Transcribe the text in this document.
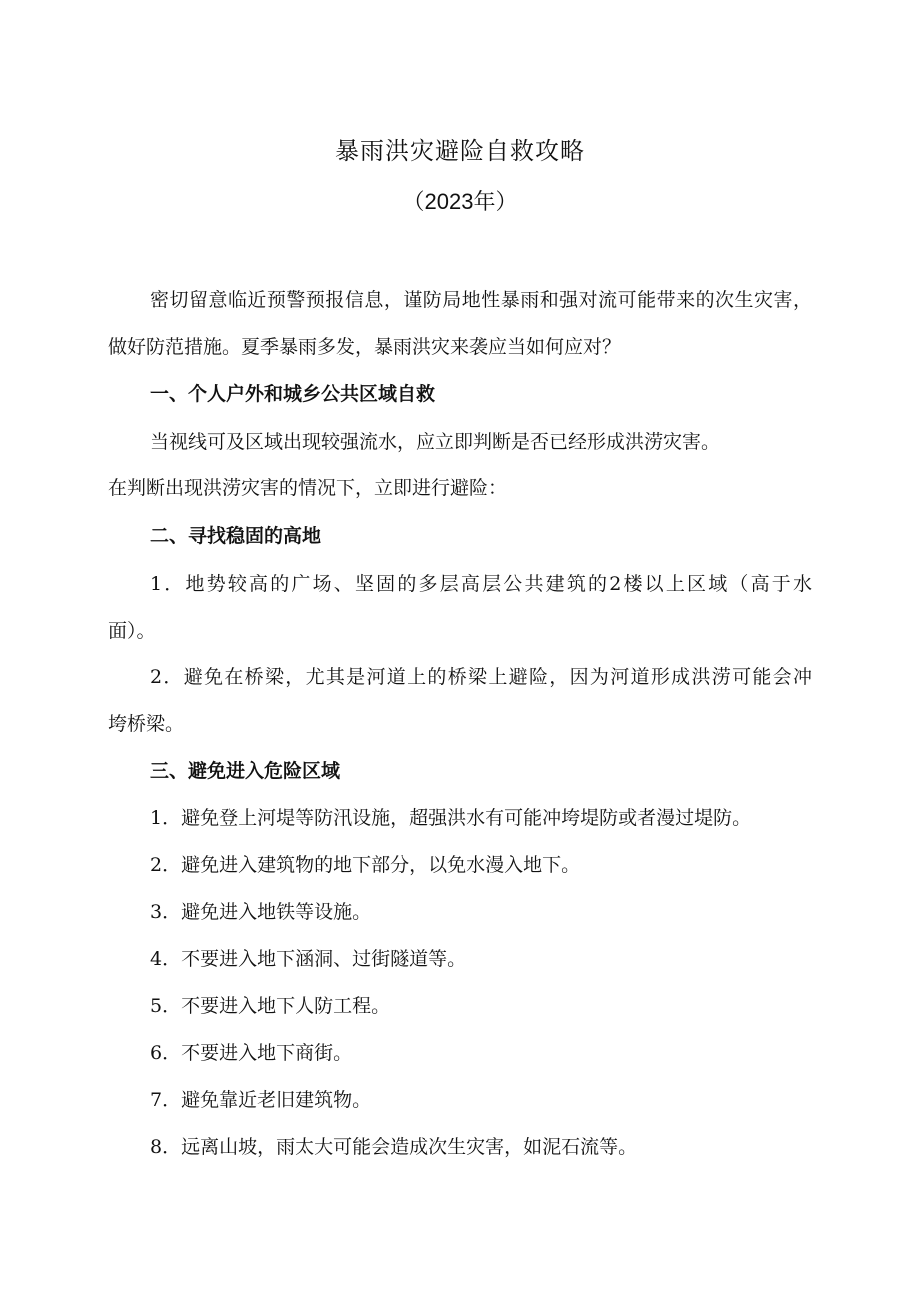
暴雨洪灾避险自救攻略
（2023年）
密切留意临近预警预报信息，谨防局地性暴雨和强对流可能带来的次生灾害，
做好防范措施。夏季暴雨多发，暴雨洪灾来袭应当如何应对？
一、个人户外和城乡公共区域自救
当视线可及区域出现较强流水，应立即判断是否已经形成洪涝灾害。
在判断出现洪涝灾害的情况下，立即进行避险：
二、寻找稳固的高地
1．地势较高的广场、坚固的多层高层公共建筑的2楼以上区域（高于水
面）。
2．避免在桥梁，尤其是河道上的桥梁上避险，因为河道形成洪涝可能会冲
垮桥梁。
三、避免进入危险区域
1．避免登上河堤等防汛设施，超强洪水有可能冲垮堤防或者漫过堤防。
2．避免进入建筑物的地下部分，以免水漫入地下。
3．避免进入地铁等设施。
4．不要进入地下涵洞、过街隧道等。
5．不要进入地下人防工程。
6．不要进入地下商街。
7．避免靠近老旧建筑物。
8．远离山坡，雨太大可能会造成次生灾害，如泥石流等。
